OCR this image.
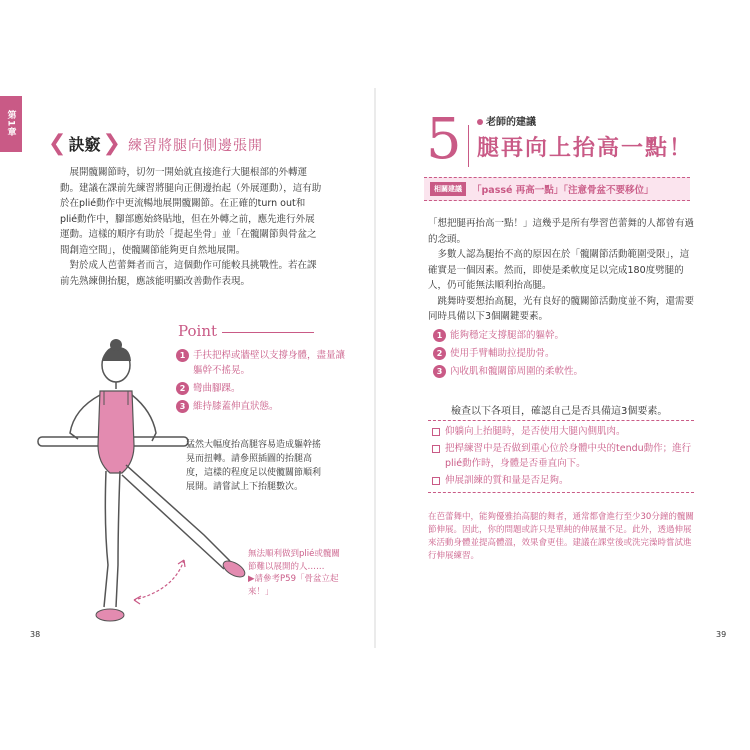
第1章
❮ 訣竅 ❯ 練習將腿向側邊張開

展開髖關節時，切勿一開始就直接進行大腿根部的外轉運動。建議在課前先練習將腿向正側邊抬起（外展運動），這有助於在plié動作中更流暢地展開髖關節。在正確的turn out和plié動作中，腳部應始終貼地，但在外轉之前，應先進行外展運動。這樣的順序有助於「提起坐骨」並「在髖關節與骨盆之間創造空間」，使髖關節能夠更自然地展開。

對於成人芭蕾舞者而言，這個動作可能較具挑戰性。若在課前先熟練側抬腿，應該能明顯改善動作表現。

Point
1 手扶把桿或牆壁以支撐身體，盡量讓軀幹不搖晃。
2 彎曲腳踝。
3 維持膝蓋伸直狀態。
猛然大幅度抬高腿容易造成軀幹搖晃而扭轉。請參照插圖的抬腿高度，這樣的程度足以使髖關節順利展開。請嘗試上下抬腿數次。
無法順利做到plié或髖關節難以展開的人……
▶請參考P59「骨盆立起來！」
38
5	老師的建議
腿再向上抬高一點！
相關建議	「passé 再高一點」「注意骨盆不要移位」

「想把腿再抬高一點！」這幾乎是所有學習芭蕾舞的人都曾有過的念頭。

多數人認為腿抬不高的原因在於「髖關節活動範圍受限」，這確實是一個因素。然而，即使是柔軟度足以完成180度劈腿的人，仍可能無法順利抬高腿。

跳舞時要想抬高腿，光有良好的髖關節活動度並不夠，還需要同時具備以下3個關鍵要素。

1 能夠穩定支撐腿部的軀幹。
2 使用手臂輔助拉提肋骨。
3 內收肌和髖關節周圍的柔軟性。
檢查以下各項目，確認自己是否具備這3個要素。
仰躺向上抬腿時，是否使用大腿內側肌肉。
把桿練習中是否做到重心位於身體中央的tendu動作；進行plié動作時，身體是否垂直向下。
伸展訓練的質和量是否足夠。
在芭蕾舞中，能夠優雅抬高腿的舞者，通常都會進行至少30分鐘的髖關節伸展。因此，你的問題或許只是單純的伸展量不足。此外，透過伸展來活動身體並提高體溫，效果會更佳。建議在課堂後或洗完澡時嘗試進行伸展練習。
39
